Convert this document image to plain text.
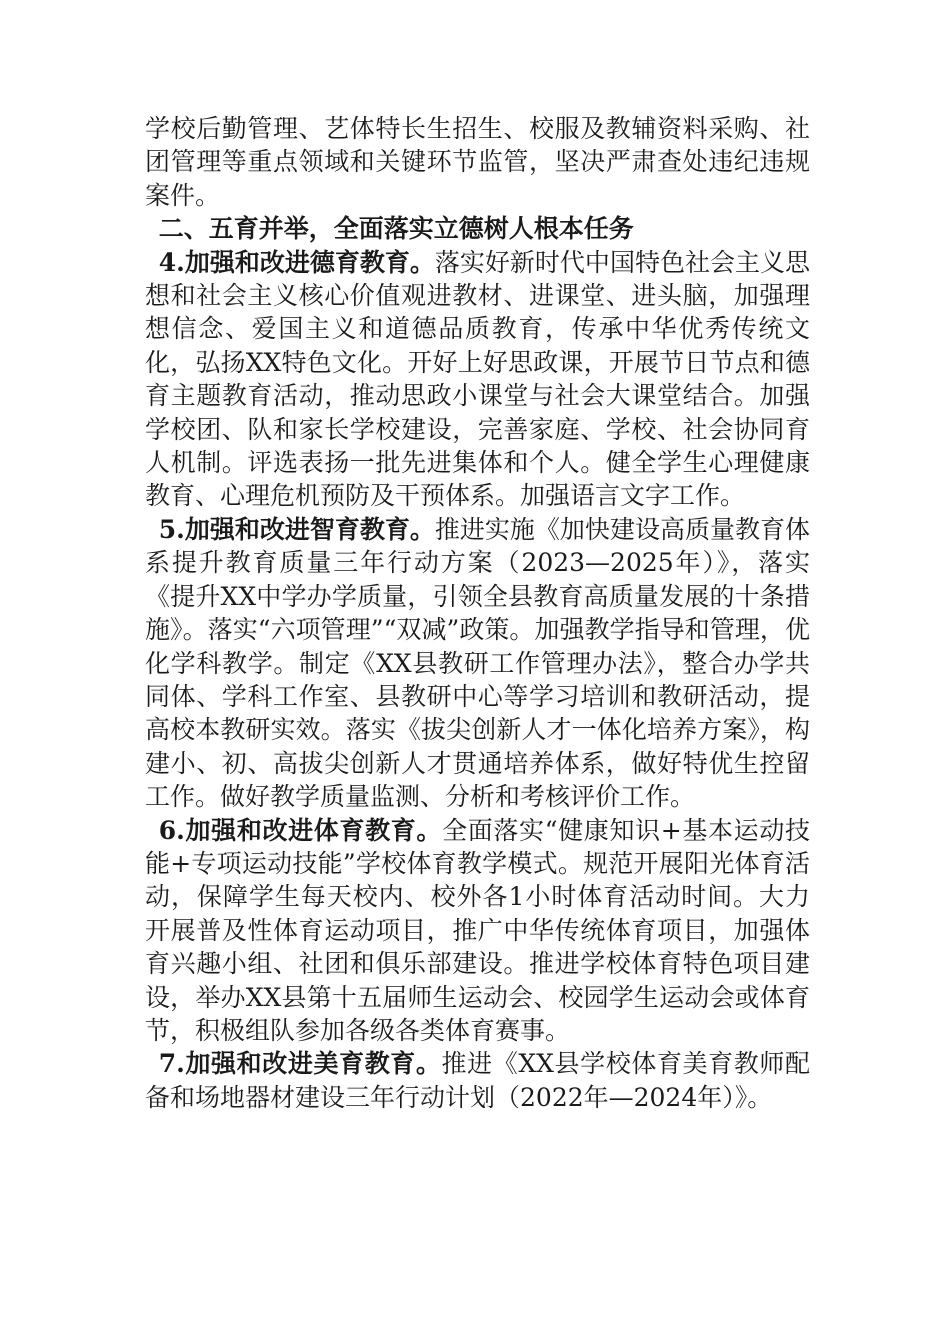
学校后勤管理、艺体特长生招生、校服及教辅资料采购、社团管理等重点领域和关键环节监管，坚决严肃查处违纪违规案件。

二、五育并举，全面落实立德树人根本任务

4.加强和改进德育教育。落实好新时代中国特色社会主义思想和社会主义核心价值观进教材、进课堂、进头脑，加强理想信念、爱国主义和道德品质教育，传承中华优秀传统文化，弘扬XX特色文化。开好上好思政课，开展节日节点和德育主题教育活动，推动思政小课堂与社会大课堂结合。加强学校团、队和家长学校建设，完善家庭、学校、社会协同育人机制。评选表扬一批先进集体和个人。健全学生心理健康教育、心理危机预防及干预体系。加强语言文字工作。

5.加强和改进智育教育。推进实施《加快建设高质量教育体系提升教育质量三年行动方案（2023—2025年）》，落实《提升XX中学办学质量，引领全县教育高质量发展的十条措施》。落实“六项管理”“双减”政策。加强教学指导和管理，优化学科教学。制定《XX县教研工作管理办法》，整合办学共同体、学科工作室、县教研中心等学习培训和教研活动，提高校本教研实效。落实《拔尖创新人才一体化培养方案》，构建小、初、高拔尖创新人才贯通培养体系，做好特优生控留工作。做好教学质量监测、分析和考核评价工作。

6.加强和改进体育教育。全面落实“健康知识+基本运动技能+专项运动技能”学校体育教学模式。规范开展阳光体育活动，保障学生每天校内、校外各1小时体育活动时间。大力开展普及性体育运动项目，推广中华传统体育项目，加强体育兴趣小组、社团和俱乐部建设。推进学校体育特色项目建设，举办XX县第十五届师生运动会、校园学生运动会或体育节，积极组队参加各级各类体育赛事。

7.加强和改进美育教育。推进《XX县学校体育美育教师配备和场地器材建设三年行动计划（2022年—2024年）》。
